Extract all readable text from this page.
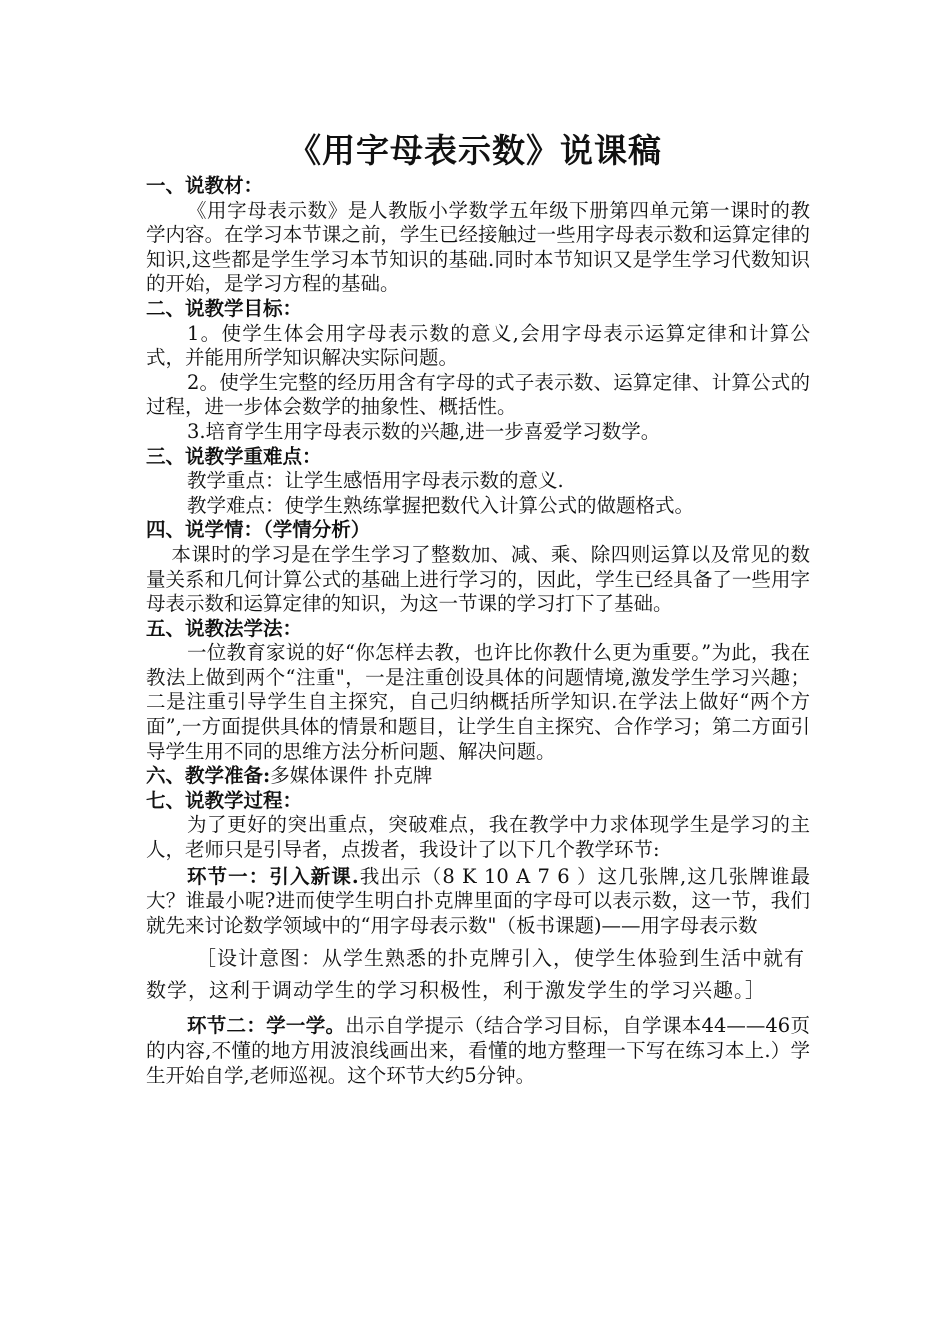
《用字母表示数》说课稿
一、说教材：
《用字母表示数》是人教版小学数学五年级下册第四单元第一课时的教学内容。在学习本节课之前，学生已经接触过一些用字母表示数和运算定律的知识,这些都是学生学习本节知识的基础.同时本节知识又是学生学习代数知识的开始，是学习方程的基础。
二、说教学目标：
1。使学生体会用字母表示数的意义,会用字母表示运算定律和计算公式，并能用所学知识解决实际问题。
2。使学生完整的经历用含有字母的式子表示数、运算定律、计算公式的过程，进一步体会数学的抽象性、概括性。
3.培育学生用字母表示数的兴趣,进一步喜爱学习数学。
三、说教学重难点：
教学重点：让学生感悟用字母表示数的意义.
教学难点：使学生熟练掌握把数代入计算公式的做题格式。
四、说学情：（学情分析）
本课时的学习是在学生学习了整数加、减、乘、除四则运算以及常见的数量关系和几何计算公式的基础上进行学习的，因此，学生已经具备了一些用字母表示数和运算定律的知识，为这一节课的学习打下了基础。
五、说教法学法：
一位教育家说的好“你怎样去教，也许比你教什么更为重要。”为此，我在教法上做到两个“注重"，一是注重创设具体的问题情境,激发学生学习兴趣；二是注重引导学生自主探究，自己归纳概括所学知识.在学法上做好“两个方面”,一方面提供具体的情景和题目，让学生自主探究、合作学习；第二方面引导学生用不同的思维方法分析问题、解决问题。
六、教学准备:多媒体课件 扑克牌
七、说教学过程：
为了更好的突出重点，突破难点，我在教学中力求体现学生是学习的主人，老师只是引导者，点拨者，我设计了以下几个教学环节:
环节一：引入新课.我出示（8 K 10 A 7 6 ）这几张牌,这几张牌谁最大？谁最小呢?进而使学生明白扑克牌里面的字母可以表示数，这一节，我们就先来讨论数学领域中的“用字母表示数"（板书课题)——用字母表示数
［设计意图：从学生熟悉的扑克牌引入，使学生体验到生活中就有数学，这利于调动学生的学习积极性，利于激发学生的学习兴趣。］
环节二：学一学。出示自学提示（结合学习目标，自学课本44——46页的内容,不懂的地方用波浪线画出来，看懂的地方整理一下写在练习本上.）学生开始自学,老师巡视。这个环节大约5分钟。
